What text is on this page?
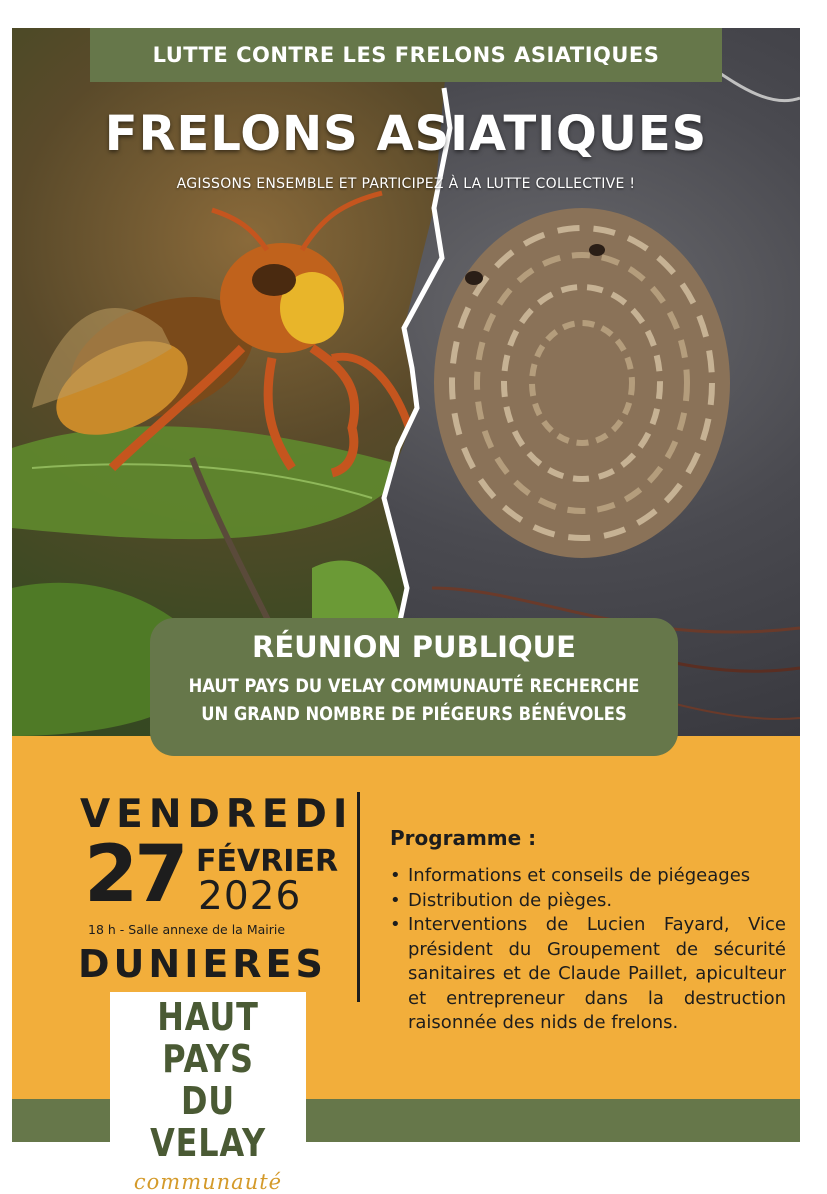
LUTTE CONTRE LES FRELONS ASIATIQUES
FRELONS ASIATIQUES
AGISSONS ENSEMBLE ET PARTICIPEZ À LA LUTTE COLLECTIVE !
VENDREDI
27 FÉVRIER
2026
18 h - Salle annexe de la Mairie
DUNIERES
Programme :
• Informations et conseils de piégeages
• Distribution de pièges.
• Interventions de Lucien Fayard, Vice président du Groupement de sécurité sanitaires et de Claude Paillet, apiculteur et entrepreneur dans la destruction raisonnée des nids de frelons.
RÉUNION PUBLIQUE
HAUT PAYS DU VELAY COMMUNAUTÉ RECHERCHE
UN GRAND NOMBRE DE PIÉGEURS BÉNÉVOLES
HAUT PAYS
DU VELAY
communauté
